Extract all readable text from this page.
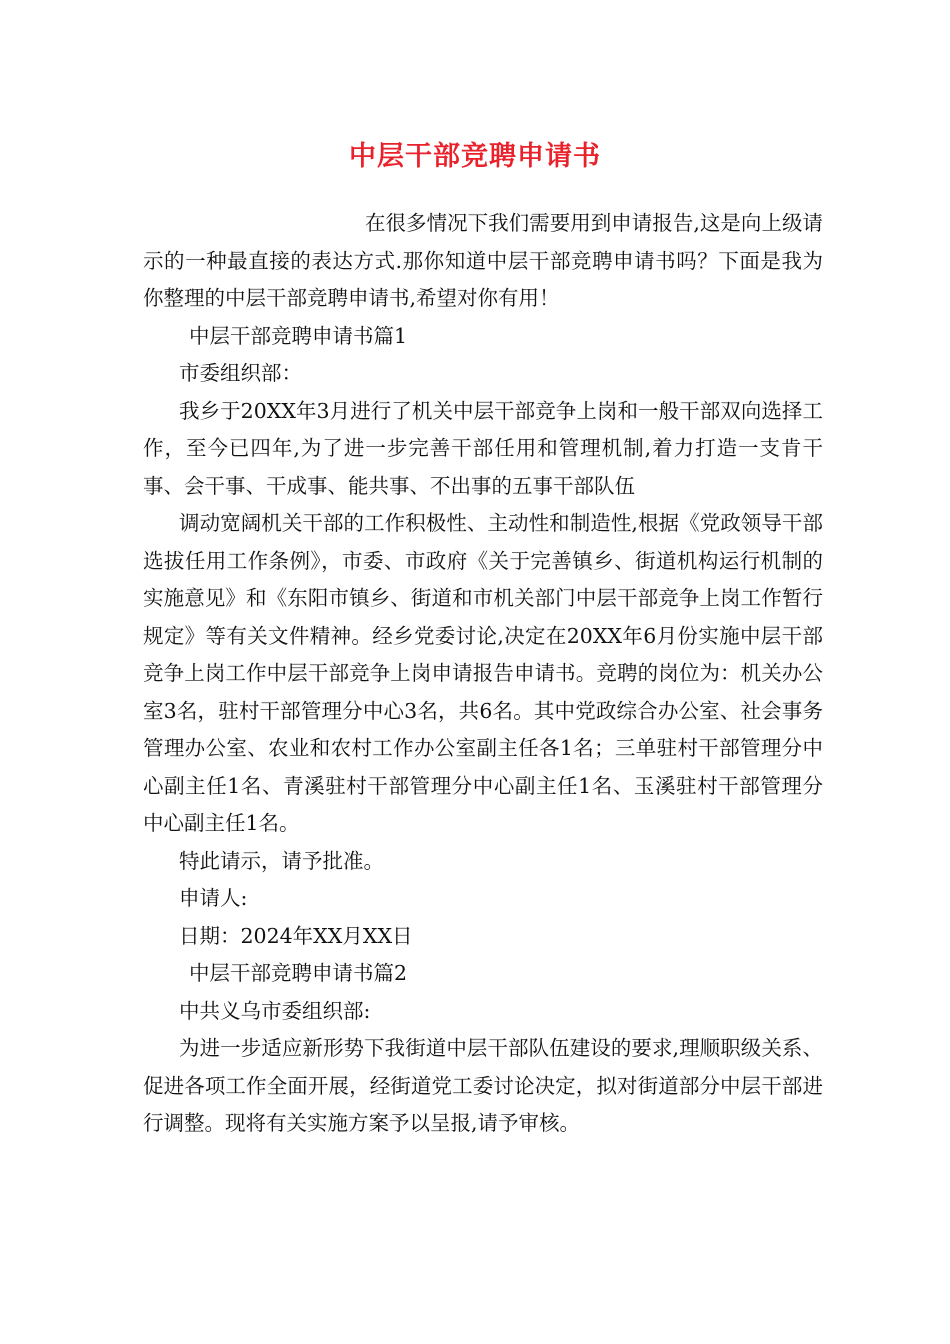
中层干部竞聘申请书

在很多情况下我们需要用到申请报告,这是向上级请示的一种最直接的表达方式.那你知道中层干部竞聘申请书吗？下面是我为你整理的中层干部竞聘申请书,希望对你有用！

中层干部竞聘申请书篇1

市委组织部：

我乡于20XX年3月进行了机关中层干部竞争上岗和一般干部双向选择工作，至今已四年,为了进一步完善干部任用和管理机制,着力打造一支肯干事、会干事、干成事、能共事、不出事的五事干部队伍

调动宽阔机关干部的工作积极性、主动性和制造性,根据《党政领导干部选拔任用工作条例》，市委、市政府《关于完善镇乡、街道机构运行机制的实施意见》和《东阳市镇乡、街道和市机关部门中层干部竞争上岗工作暂行规定》等有关文件精神。经乡党委讨论,决定在20XX年6月份实施中层干部竞争上岗工作中层干部竞争上岗申请报告申请书。竞聘的岗位为：机关办公室3名，驻村干部管理分中心3名，共6名。其中党政综合办公室、社会事务管理办公室、农业和农村工作办公室副主任各1名；三单驻村干部管理分中心副主任1名、青溪驻村干部管理分中心副主任1名、玉溪驻村干部管理分中心副主任1名。

特此请示，请予批准。

申请人:

日期：2024年XX月XX日

中层干部竞聘申请书篇2

中共义乌市委组织部:

为进一步适应新形势下我街道中层干部队伍建设的要求,理顺职级关系、促进各项工作全面开展，经街道党工委讨论决定，拟对街道部分中层干部进行调整。现将有关实施方案予以呈报,请予审核。
